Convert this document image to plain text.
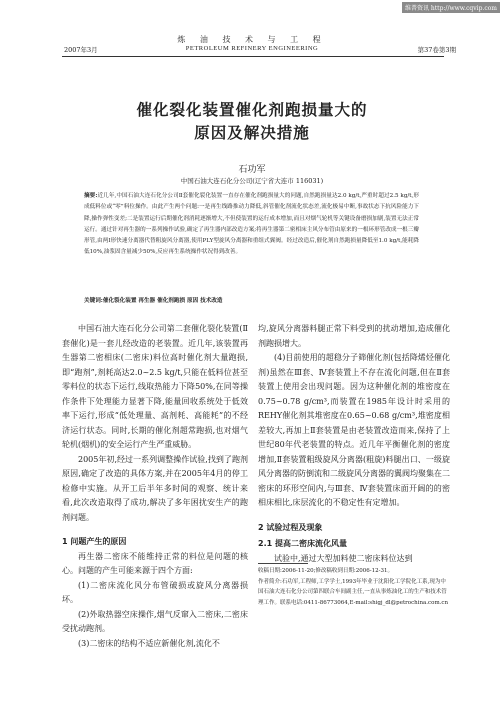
维普资讯 http://www.cqvip.com
炼 油 技 术 与 工 程
2007年3月	PETROLEUM REFINERY ENGINEERING	第37卷第3期
催化裂化装置催化剂跑损量大的
原因及解决措施
石功军
中国石油大连石化分公司(辽宁省大连市 116031)
摘要:近几年,中国石油大连石化分公司Ⅱ套催化裂化装置一直存在催化剂跑损量大的问题,自然跑损量达2.0 kg/t,严重时超过2.5 kg/t,形成低料位或“零”料位操作。由此产生两个问题:一是再生线路推动力降低,斜管催化剂流化状态差,流化极易中断,事故状态下抗风险能力下降,操作弹性变差;二是装置运行后期催化剂消耗逐渐增大,不但使装置的运行成本增加,而且对烟气轮机等关键设备磨损加剧,装置无法正常运行。通过针对再生器的一系列操作试验,确定了再生器内部改造方案;将再生器第二密相床主风分布管由原来的一根环形管改成一根三瓣形管,由两Ⅰ形快速分离器代替粗旋风分离器,使用PLY型旋风分离器和重组式翼阀。经过改造后,催化剂自然跑损量降低至1.0 kg/t,能耗降低10%,油浆固含量减少50%,反应再生系统操作状况得到改善。
关键词:催化裂化装置 再生器 催化剂跑损 原因 技术改造

中国石油大连石化分公司第二套催化裂化装置(Ⅱ套催化)是一套儿经改造的老装置。近几年,该装置再生器第二密相床(二密床)料位高时催化剂大量跑损,即“跑剂”,剂耗高达2.0~2.5 kg/t,只能在低料位甚至零料位的状态下运行,线取热能力下降50%,在同等操作条件下处理能力显著下降,能量回收系统处于低效率下运行,形成“低处理量、高剂耗、高能耗”的不经济运行状态。同时,长期的催化剂超常跑损,也对烟气轮机(烟机)的安全运行产生严重威胁。

2005年初,经过一系列调整操作试验,找到了跑剂原因,确定了改造的具体方案,并在2005年4月的停工检修中实施。从开工后半年多时间的观察、统计来看,此次改造取得了成功,解决了多年困扰安生产的跑剂问题。

1 问题产生的原因

再生器二密床不能维持正常的料位是问题的核心。问题的产生可能来源于四个方面:

(1)二密床流化风分布管破损或旋风分离器损坏。

(2)外取热器空床操作,烟气反窜入二密床,二密床受扰动跑剂。

(3)二密床的结构不适应新催化剂,流化不

均,旋风分离器料腿正常下料受到的扰动增加,造成催化剂跑损增大。

(4)目前使用的超稳分子筛催化剂(包括降烯烃催化剂)虽然在Ⅲ套、Ⅳ套装置上不存在流化问题,但在Ⅱ套装置上使用会出现问题。因为这种催化剂的堆密度在0.75~0.78 g/cm³,而装置在1985年设计时采用的REHY催化剂其堆密度在0.65~0.68 g/cm³,堆密度相差较大,再加上Ⅱ套装置是由老装置改造而来,保持了上世纪80年代老装置的特点。近几年平衡催化剂的密度增加,Ⅱ套装置粗级旋风分离器(粗旋)料腿出口、一级旋风分离器的防倒流和二级旋风分离器的翼阀均聚集在二密床的环形空间内,与Ⅲ套、Ⅳ套装置床面开阔的的密相床相比,床层流化的不稳定性有定增加。

2 试验过程及现象

2.1 提高二密床流化风量

试验中,通过大型加料使二密床料位达到

收稿日期:2006-11-20;修改稿收到日期:2006-12-31。

作者简介:石功军,工程师,工学学士,1993年毕业于沈阳化工学院化工系,现为中国石油大连石化分公司第四联合车间副主任,一直从事炼油化工的生产和技术管理工作。联系电话:0411-86773064,E-mail:shigj_dl@petrochina.com.cn
